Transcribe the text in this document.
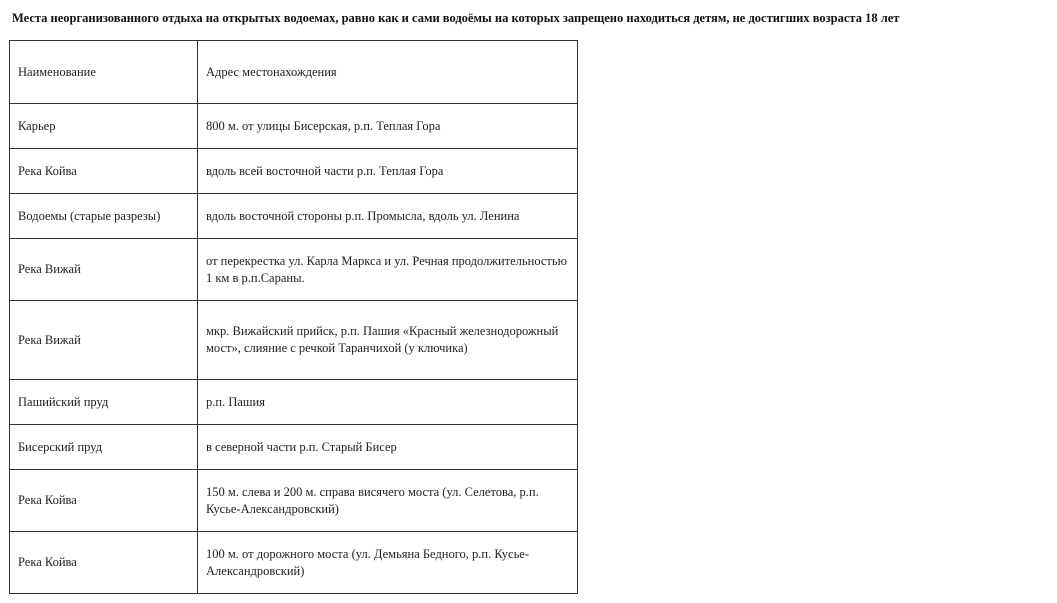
Места неорганизованного отдыха на открытых водоемах, равно как и сами водоёмы на которых запрещено находиться детям, не достигших возраста 18 лет
Наименование	Адрес местонахождения
Карьер	800 м. от улицы Бисерская, р.п. Теплая Гора
Река Койва	вдоль всей восточной части р.п. Теплая Гора
Водоемы (старые разрезы)	вдоль восточной стороны р.п. Промысла, вдоль ул. Ленина
Река Вижай	от перекрестка ул. Карла Маркса и ул. Речная продолжительностью 1 км в р.п.Сараны.
Река Вижай	мкр. Вижайский прийск, р.п. Пашия «Красный железнодорожный мост», слияние с речкой Таранчихой (у ключика)
Пашийский пруд	р.п. Пашия
Бисерский пруд	в северной части р.п. Старый Бисер
Река Койва	150 м. слева и 200 м. справа висячего моста (ул. Селетова, р.п. Кусье-Александровский)
Река Койва	100 м. от дорожного моста (ул. Демьяна Бедного, р.п. Кусье-Александровский)
